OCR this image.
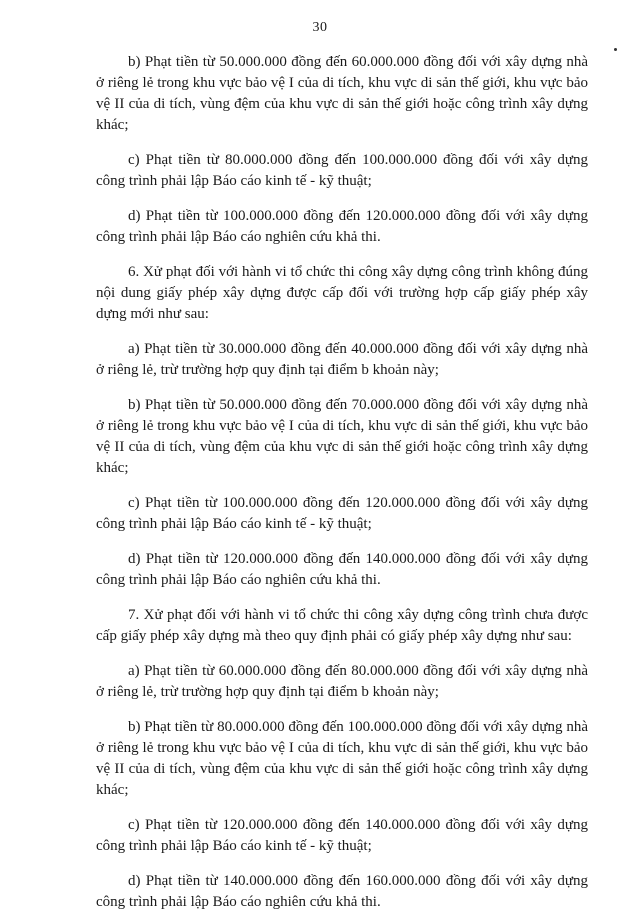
30

b) Phạt tiền từ 50.000.000 đồng đến 60.000.000 đồng đối với xây dựng nhà ở riêng lẻ trong khu vực bảo vệ I của di tích, khu vực di sản thế giới, khu vực bảo vệ II của di tích, vùng đệm của khu vực di sản thế giới hoặc công trình xây dựng khác;

c) Phạt tiền từ 80.000.000 đồng đến 100.000.000 đồng đối với xây dựng công trình phải lập Báo cáo kinh tế - kỹ thuật;

d) Phạt tiền từ 100.000.000 đồng đến 120.000.000 đồng đối với xây dựng công trình phải lập Báo cáo nghiên cứu khả thi.

6. Xử phạt đối với hành vi tổ chức thi công xây dựng công trình không đúng nội dung giấy phép xây dựng được cấp đối với trường hợp cấp giấy phép xây dựng mới như sau:

a) Phạt tiền từ 30.000.000 đồng đến 40.000.000 đồng đối với xây dựng nhà ở riêng lẻ, trừ trường hợp quy định tại điểm b khoản này;

b) Phạt tiền từ 50.000.000 đồng đến 70.000.000 đồng đối với xây dựng nhà ở riêng lẻ trong khu vực bảo vệ I của di tích, khu vực di sản thế giới, khu vực bảo vệ II của di tích, vùng đệm của khu vực di sản thế giới hoặc công trình xây dựng khác;

c) Phạt tiền từ 100.000.000 đồng đến 120.000.000 đồng đối với xây dựng công trình phải lập Báo cáo kinh tế - kỹ thuật;

d) Phạt tiền từ 120.000.000 đồng đến 140.000.000 đồng đối với xây dựng công trình phải lập Báo cáo nghiên cứu khả thi.

7. Xử phạt đối với hành vi tổ chức thi công xây dựng công trình chưa được cấp giấy phép xây dựng mà theo quy định phải có giấy phép xây dựng như sau:

a) Phạt tiền từ 60.000.000 đồng đến 80.000.000 đồng đối với xây dựng nhà ở riêng lẻ, trừ trường hợp quy định tại điểm b khoản này;

b) Phạt tiền từ 80.000.000 đồng đến 100.000.000 đồng đối với xây dựng nhà ở riêng lẻ trong khu vực bảo vệ I của di tích, khu vực di sản thế giới, khu vực bảo vệ II của di tích, vùng đệm của khu vực di sản thế giới hoặc công trình xây dựng khác;

c) Phạt tiền từ 120.000.000 đồng đến 140.000.000 đồng đối với xây dựng công trình phải lập Báo cáo kinh tế - kỹ thuật;

d) Phạt tiền từ 140.000.000 đồng đến 160.000.000 đồng đối với xây dựng công trình phải lập Báo cáo nghiên cứu khả thi.
